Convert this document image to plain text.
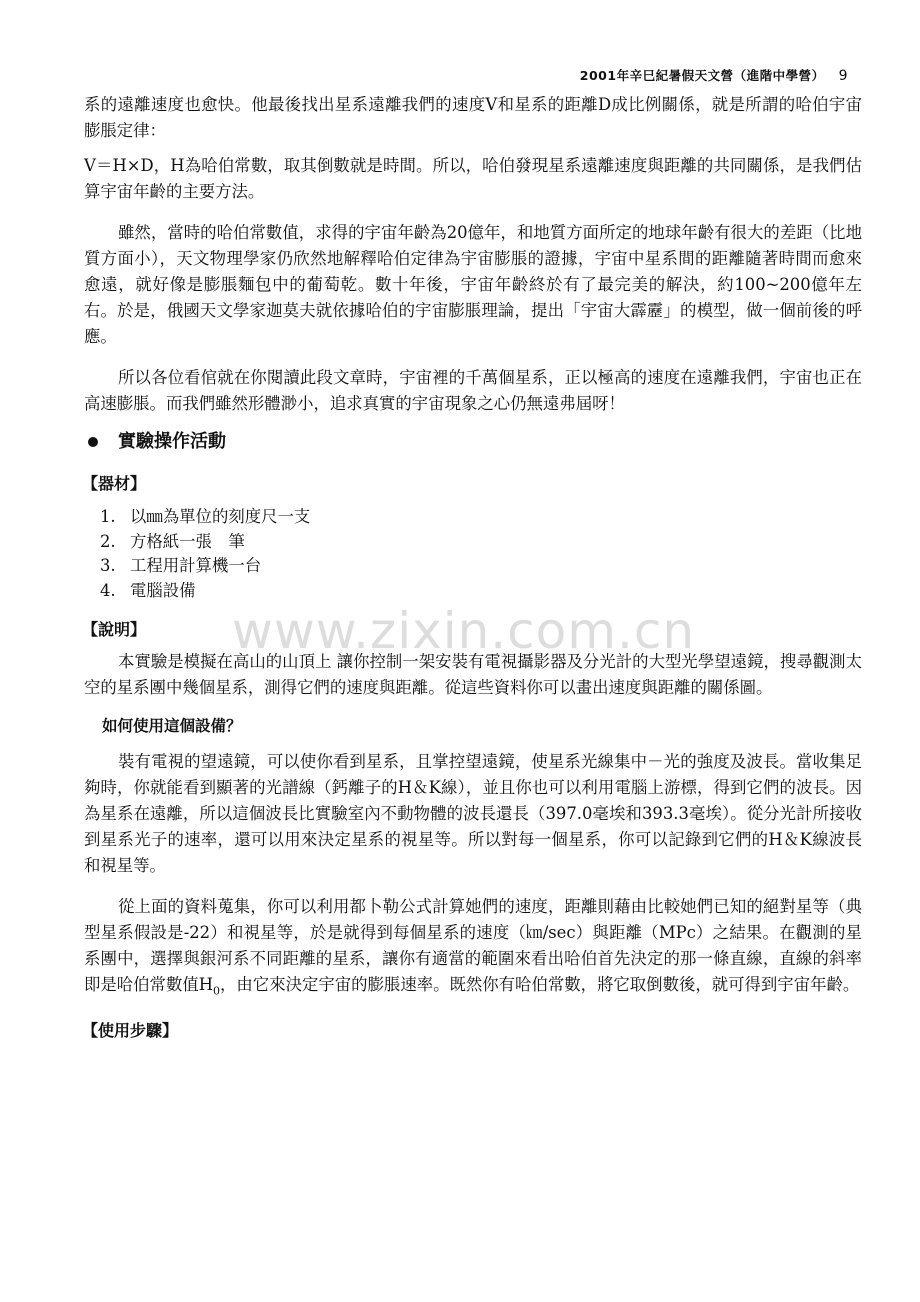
2001年辛巳紀暑假天文營（進階中學營） 9

系的遠離速度也愈快。他最後找出星系遠離我們的速度V和星系的距離D成比例關係，就是所謂的哈伯宇宙膨脹定律：

V＝H×D，H為哈伯常數，取其倒數就是時間。所以，哈伯發現星系遠離速度與距離的共同關係，是我們估算宇宙年齡的主要方法。

雖然，當時的哈伯常數值，求得的宇宙年齡為20億年，和地質方面所定的地球年齡有很大的差距（比地質方面小），天文物理學家仍欣然地解釋哈伯定律為宇宙膨脹的證據，宇宙中星系間的距離隨著時間而愈來愈遠，就好像是膨脹麵包中的葡萄乾。數十年後，宇宙年齡終於有了最完美的解決，約100~200億年左右。於是，俄國天文學家迦莫夫就依據哈伯的宇宙膨脹理論，提出「宇宙大霹靂」的模型，做一個前後的呼應。

所以各位看倌就在你閱讀此段文章時，宇宙裡的千萬個星系，正以極高的速度在遠離我們，宇宙也正在高速膨脹。而我們雖然形體渺小，追求真實的宇宙現象之心仍無遠弗屆呀！

實驗操作活動
【器材】
1. 以㎜為單位的刻度尺一支
2. 方格紙一張　筆
3. 工程用計算機一台
4. 電腦設備
【說明】

本實驗是模擬在高山的山頂上 讓你控制一架安裝有電視攝影器及分光計的大型光學望遠鏡，搜尋觀測太空的星系團中幾個星系，測得它們的速度與距離。從這些資料你可以畫出速度與距離的關係圖。

如何使用這個設備？

裝有電視的望遠鏡，可以使你看到星系，且掌控望遠鏡，使星系光線集中－光的強度及波長。當收集足夠時，你就能看到顯著的光譜線（鈣離子的H＆K線），並且你也可以利用電腦上游標，得到它們的波長。因為星系在遠離，所以這個波長比實驗室內不動物體的波長還長（397.0毫埃和393.3毫埃）。從分光計所接收到星系光子的速率，還可以用來決定星系的視星等。所以對每一個星系，你可以記錄到它們的H＆K線波長和視星等。

從上面的資料蒐集，你可以利用都卜勒公式計算她們的速度，距離則藉由比較她們已知的絕對星等（典型星系假設是-22）和視星等，於是就得到每個星系的速度（㎞/sec）與距離（MPc）之結果。在觀測的星系團中，選擇與銀河系不同距離的星系，讓你有適當的範圍來看出哈伯首先決定的那一條直線，直線的斜率即是哈伯常數值$H_0$，由它來決定宇宙的膨脹速率。既然你有哈伯常數，將它取倒數後，就可得到宇宙年齡。

【使用步驟】
www.zixin.com.cn
